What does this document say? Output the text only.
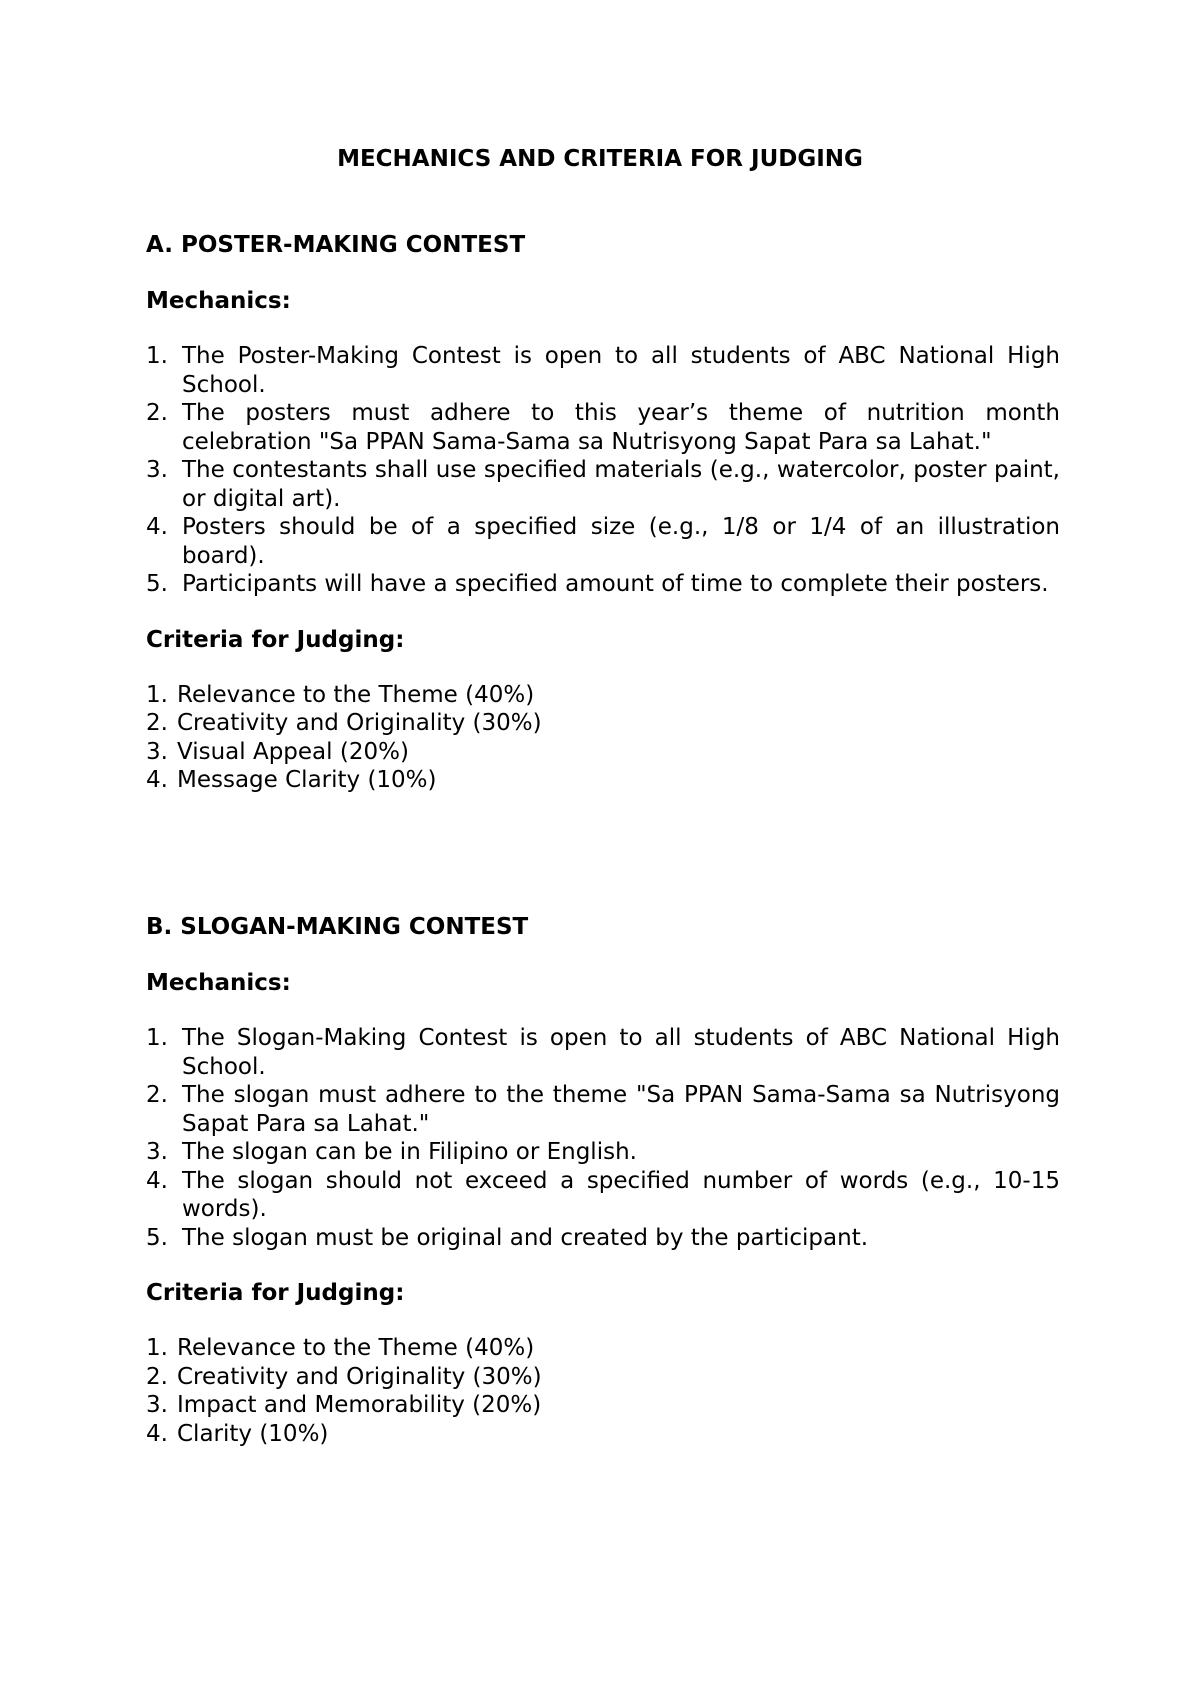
MECHANICS AND CRITERIA FOR JUDGING
A. POSTER-MAKING CONTEST
Mechanics:
1. The Poster-Making Contest is open to all students of ABC National High School.
2. The posters must adhere to this year’s theme of nutrition month celebration "Sa PPAN Sama-Sama sa Nutrisyong Sapat Para sa Lahat."
3. The contestants shall use specified materials (e.g., watercolor, poster paint, or digital art).
4. Posters should be of a specified size (e.g., 1/8 or 1/4 of an illustration board).
5. Participants will have a specified amount of time to complete their posters.
Criteria for Judging:
1. Relevance to the Theme (40%)
2. Creativity and Originality (30%)
3. Visual Appeal (20%)
4. Message Clarity (10%)
B. SLOGAN-MAKING CONTEST
Mechanics:
1. The Slogan-Making Contest is open to all students of ABC National High School.
2. The slogan must adhere to the theme "Sa PPAN Sama-Sama sa Nutrisyong Sapat Para sa Lahat."
3. The slogan can be in Filipino or English.
4. The slogan should not exceed a specified number of words (e.g., 10-15 words).
5. The slogan must be original and created by the participant.
Criteria for Judging:
1. Relevance to the Theme (40%)
2. Creativity and Originality (30%)
3. Impact and Memorability (20%)
4. Clarity (10%)
